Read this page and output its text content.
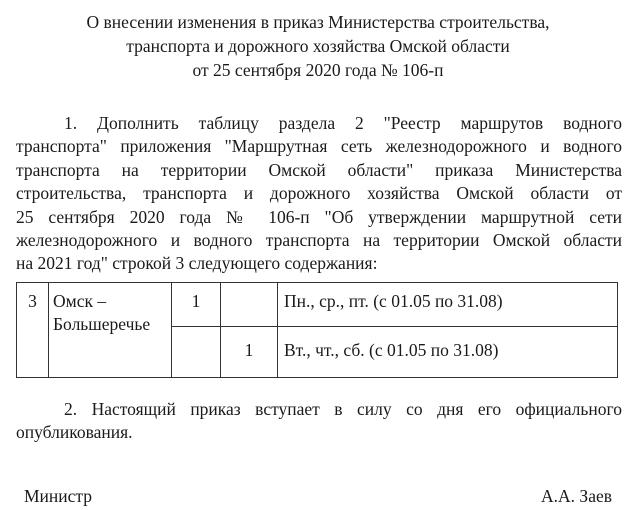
О внесении изменения в приказ Министерства строительства,
транспорта и дорожного хозяйства Омской области
от 25 сентября 2020 года № 106-п
1. Дополнить таблицу раздела 2 "Реестр маршрутов водного
транспорта" приложения "Маршрутная сеть железнодорожного и водного
транспорта на территории Омской области" приказа Министерства
строительства, транспорта и дорожного хозяйства Омской области от
25 сентября 2020 года № 106-п "Об утверждении маршрутной сети
железнодорожного и водного транспорта на территории Омской области
на 2021 год" строкой 3 следующего содержания:
3	Омск – Большеречье	1		Пн., ср., пт. (с 01.05 по 31.08)
			1	Вт., чт., сб. (с 01.05 по 31.08)
2. Настоящий приказ вступает в силу со дня его официального
опубликования.
Министр	А.А. Заев
